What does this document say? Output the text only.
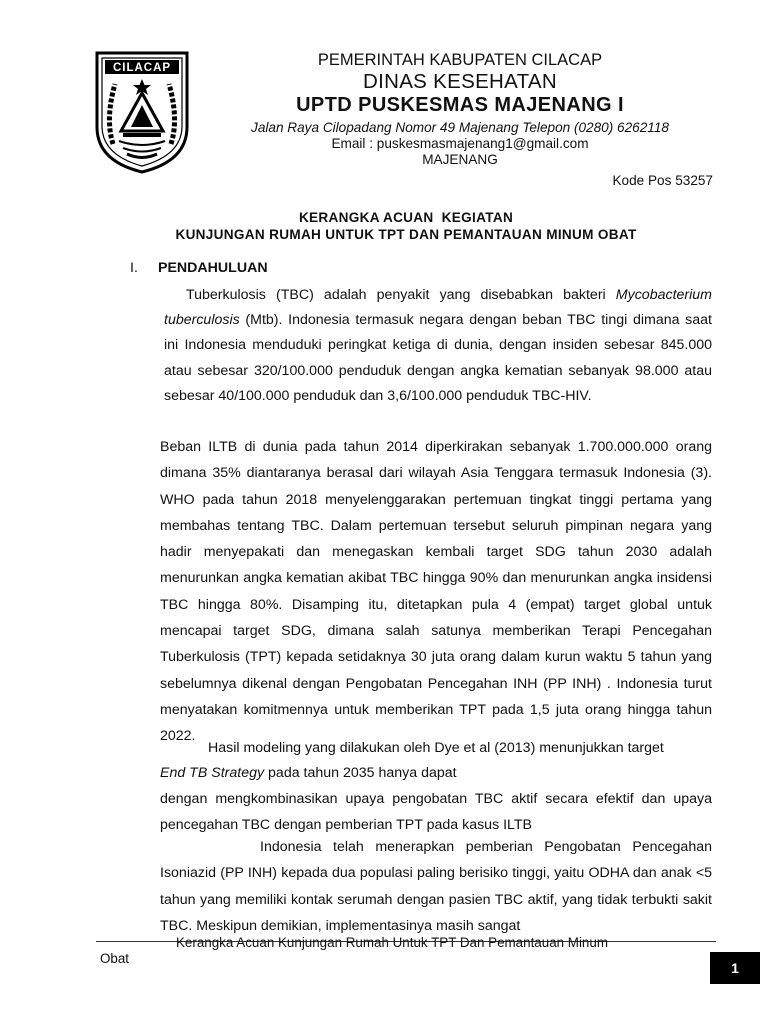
CILACAP	PEMERINTAH KABUPATEN CILACAP
DINAS KESEHATAN
UPTD PUSKESMAS MAJENANG I
Jalan Raya Cilopadang Nomor 49 Majenang Telepon (0280) 6262118
Email : puskesmasmajenang1@gmail.com
MAJENANG
Kode Pos 53257
KERANGKA ACUAN  KEGIATAN
KUNJUNGAN RUMAH UNTUK TPT DAN PEMANTAUAN MINUM OBAT
I. PENDAHULUAN

Tuberkulosis (TBC) adalah penyakit yang disebabkan bakteri Mycobacterium tuberculosis (Mtb). Indonesia termasuk negara dengan beban TBC tingi dimana saat ini Indonesia menduduki peringkat ketiga di dunia, dengan insiden sebesar 845.000 atau sebesar 320/100.000 penduduk dengan angka kematian sebanyak 98.000 atau sebesar 40/100.000 penduduk dan 3,6/100.000 penduduk TBC-HIV.

Beban ILTB di dunia pada tahun 2014 diperkirakan sebanyak 1.700.000.000 orang dimana 35% diantaranya berasal dari wilayah Asia Tenggara termasuk Indonesia (3). WHO pada tahun 2018 menyelenggarakan pertemuan tingkat tinggi pertama yang membahas tentang TBC. Dalam pertemuan tersebut seluruh pimpinan negara yang hadir menyepakati dan menegaskan kembali target SDG tahun 2030 adalah menurunkan angka kematian akibat TBC hingga 90% dan menurunkan angka insidensi TBC hingga 80%. Disamping itu, ditetapkan pula 4 (empat) target global untuk mencapai target SDG, dimana salah satunya memberikan Terapi Pencegahan Tuberkulosis (TPT) kepada setidaknya 30 juta orang dalam kurun waktu 5 tahun yang sebelumnya dikenal dengan Pengobatan Pencegahan INH (PP INH) . Indonesia turut menyatakan komitmennya untuk memberikan TPT pada 1,5 juta orang hingga tahun 2022.

Hasil modeling yang dilakukan oleh Dye et al (2013) menunjukkan target
End TB Strategy pada tahun 2035 hanya dapat

dengan mengkombinasikan upaya pengobatan TBC aktif secara efektif dan upaya pencegahan TBC dengan pemberian TPT pada kasus ILTB

Indonesia telah menerapkan pemberian Pengobatan Pencegahan Isoniazid (PP INH) kepada dua populasi paling berisiko tinggi, yaitu ODHA dan anak <5 tahun yang memiliki kontak serumah dengan pasien TBC aktif, yang tidak terbukti sakit TBC. Meskipun demikian, implementasinya masih sangat

Kerangka Acuan Kunjungan Rumah Untuk TPT Dan Pemantauan Minum
Obat
1
